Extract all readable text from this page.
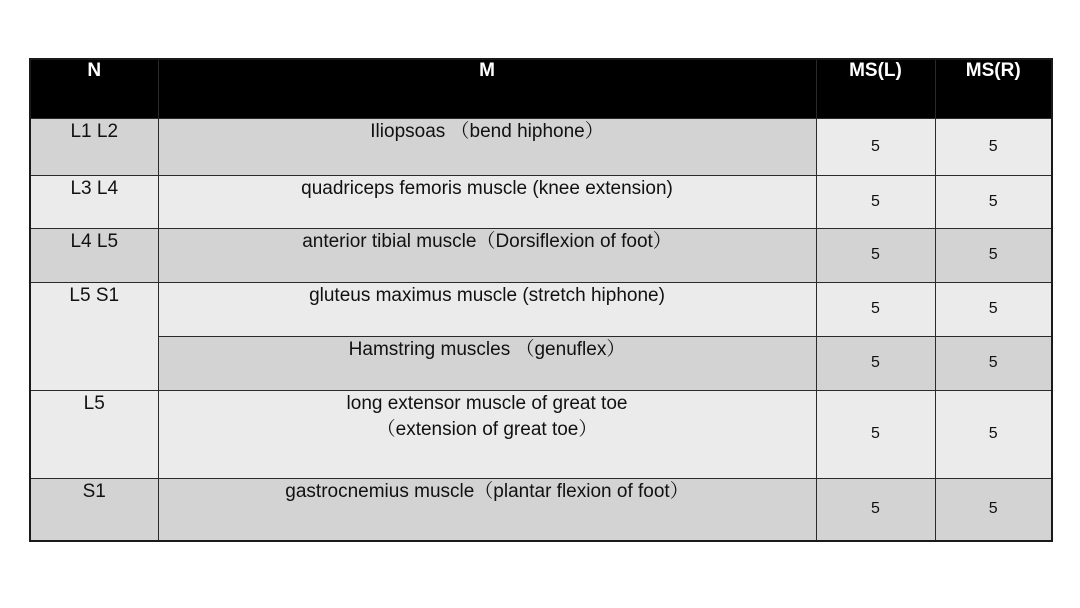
N	M	MS(L)	MS(R)
L1 L2	Iliopsoas （bend hiphone）	5	5
L3 L4	quadriceps femoris muscle (knee extension)	5	5
L4 L5	anterior tibial muscle（Dorsiflexion of foot）	5	5
L5 S1	gluteus maximus muscle (stretch hiphone)	5	5
	Hamstring muscles （genuflex）	5	5
L5	long extensor muscle of great toe
（extension of great toe）	5	5
S1	gastrocnemius muscle（plantar flexion of foot）	5	5
